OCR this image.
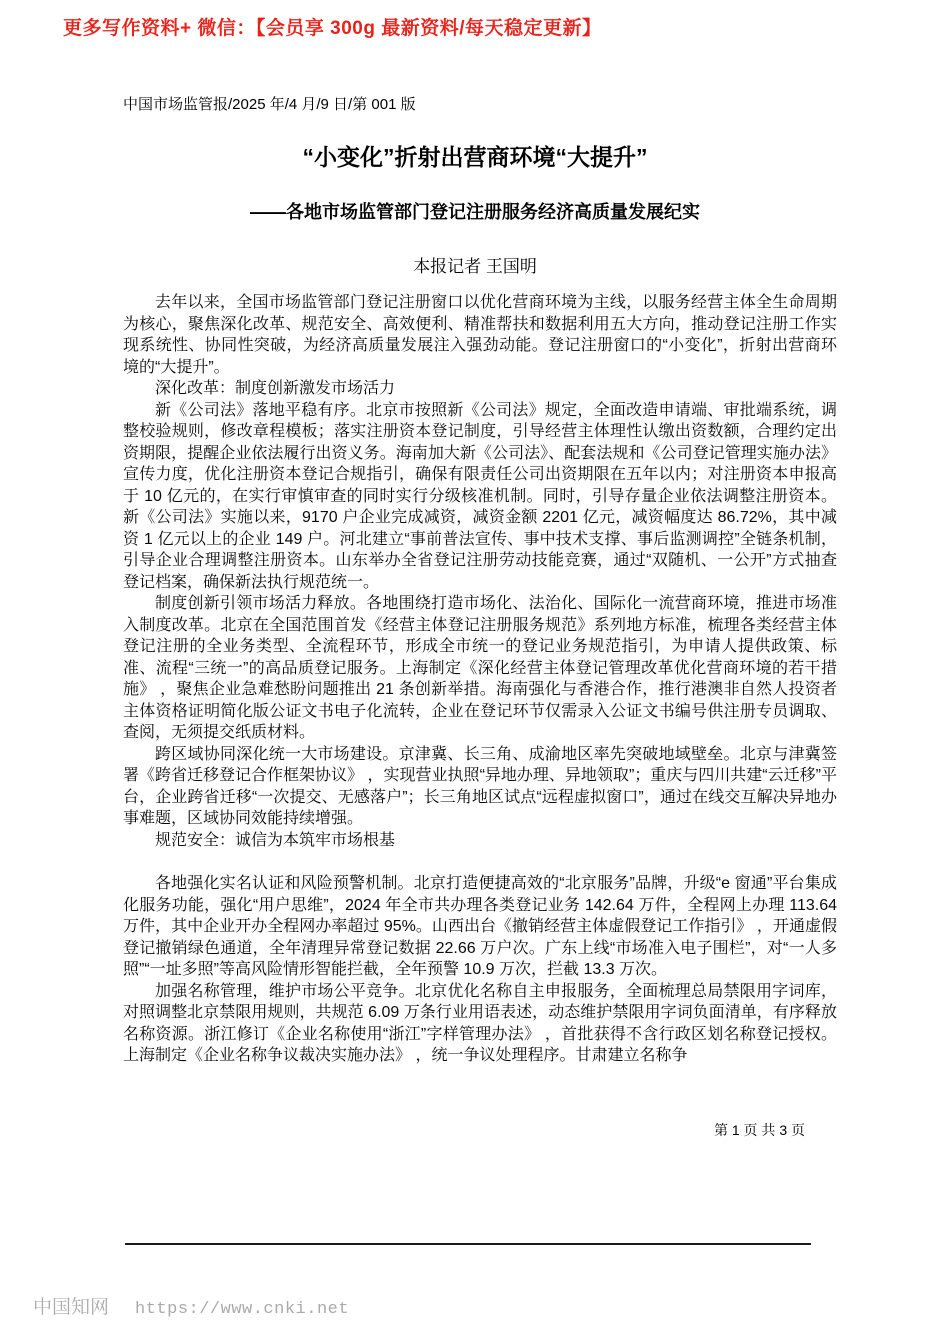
更多写作资料+ 微信：【会员享 300g 最新资料/每天稳定更新】
中国市场监管报/2025 年/4 月/9 日/第 001 版
“小变化”折射出营商环境“大提升”
——各地市场监管部门登记注册服务经济高质量发展纪实
本报记者 王国明

去年以来，全国市场监管部门登记注册窗口以优化营商环境为主线，以服务经营主体全生命周期为核心，聚焦深化改革、规范安全、高效便利、精准帮扶和数据利用五大方向，推动登记注册工作实现系统性、协同性突破，为经济高质量发展注入强劲动能。登记注册窗口的“小变化”，折射出营商环境的“大提升”。

深化改革：制度创新激发市场活力

新《公司法》落地平稳有序。北京市按照新《公司法》规定，全面改造申请端、审批端系统，调整校验规则，修改章程模板；落实注册资本登记制度，引导经营主体理性认缴出资数额，合理约定出资期限，提醒企业依法履行出资义务。海南加大新《公司法》、配套法规和《公司登记管理实施办法》宣传力度，优化注册资本登记合规指引，确保有限责任公司出资期限在五年以内；对注册资本申报高于 10 亿元的，在实行审慎审查的同时实行分级核准机制。同时，引导存量企业依法调整注册资本。新《公司法》实施以来，9170 户企业完成减资，减资金额 2201 亿元，减资幅度达 86.72%，其中减资 1 亿元以上的企业 149 户。河北建立“事前普法宣传、事中技术支撑、事后监测调控”全链条机制，引导企业合理调整注册资本。山东举办全省登记注册劳动技能竞赛，通过“双随机、一公开”方式抽查登记档案，确保新法执行规范统一。

制度创新引领市场活力释放。各地围绕打造市场化、法治化、国际化一流营商环境，推进市场准入制度改革。北京在全国范围首发《经营主体登记注册服务规范》系列地方标准，梳理各类经营主体登记注册的全业务类型、全流程环节，形成全市统一的登记业务规范指引，为申请人提供政策、标准、流程“三统一”的高品质登记服务。上海制定《深化经营主体登记管理改革优化营商环境的若干措施》 ，聚焦企业急难愁盼问题推出 21 条创新举措。海南强化与香港合作，推行港澳非自然人投资者主体资格证明简化版公证文书电子化流转，企业在登记环节仅需录入公证文书编号供注册专员调取、查阅，无须提交纸质材料。

跨区域协同深化统一大市场建设。京津冀、长三角、成渝地区率先突破地域壁垒。北京与津冀签署《跨省迁移登记合作框架协议》 ，实现营业执照“异地办理、异地领取”；重庆与四川共建“云迁移”平台，企业跨省迁移“一次提交、无感落户”；长三角地区试点“远程虚拟窗口”，通过在线交互解决异地办事难题，区域协同效能持续增强。

规范安全：诚信为本筑牢市场根基

各地强化实名认证和风险预警机制。北京打造便捷高效的“北京服务”品牌，升级“e 窗通”平台集成化服务功能，强化“用户思维”，2024 年全市共办理各类登记业务 142.64 万件，全程网上办理 113.64 万件，其中企业开办全程网办率超过 95%。山西出台《撤销经营主体虚假登记工作指引》 ，开通虚假登记撤销绿色通道，全年清理异常登记数据 22.66 万户次。广东上线“市场准入电子围栏”，对“一人多照”“一址多照”等高风险情形智能拦截，全年预警 10.9 万次，拦截 13.3 万次。

加强名称管理，维护市场公平竞争。北京优化名称自主申报服务，全面梳理总局禁限用字词库，对照调整北京禁限用规则，共规范 6.09 万条行业用语表述，动态维护禁限用字词负面清单，有序释放名称资源。浙江修订《企业名称使用“浙江”字样管理办法》 ，首批获得不含行政区划名称登记授权。上海制定《企业名称争议裁决实施办法》 ，统一争议处理程序。甘肃建立名称争

第 1 页 共 3 页
中国知网 https://www.cnki.net
